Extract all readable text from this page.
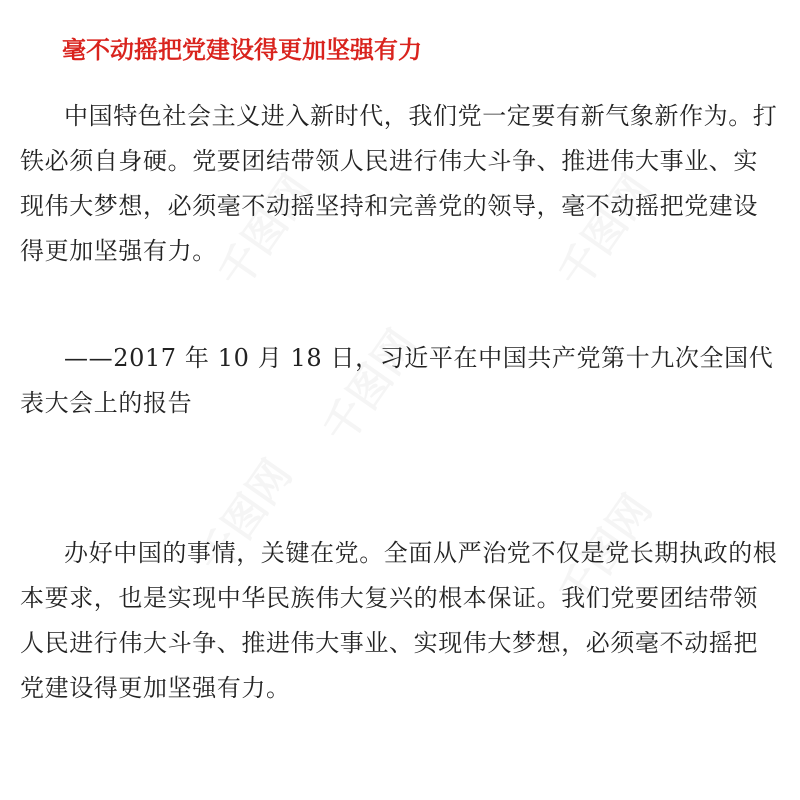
千图网
千图网
千图网
千图网
千图网
毫不动摇把党建设得更加坚强有力

中国特色社会主义进入新时代，我们党一定要有新气象新作为。打铁必须自身硬。党要团结带领人民进行伟大斗争、推进伟大事业、实现伟大梦想，必须毫不动摇坚持和完善党的领导，毫不动摇把党建设得更加坚强有力。

——2017 年 10 月 18 日，习近平在中国共产党第十九次全国代表大会上的报告

办好中国的事情，关键在党。全面从严治党不仅是党长期执政的根本要求，也是实现中华民族伟大复兴的根本保证。我们党要团结带领人民进行伟大斗争、推进伟大事业、实现伟大梦想，必须毫不动摇把党建设得更加坚强有力。
